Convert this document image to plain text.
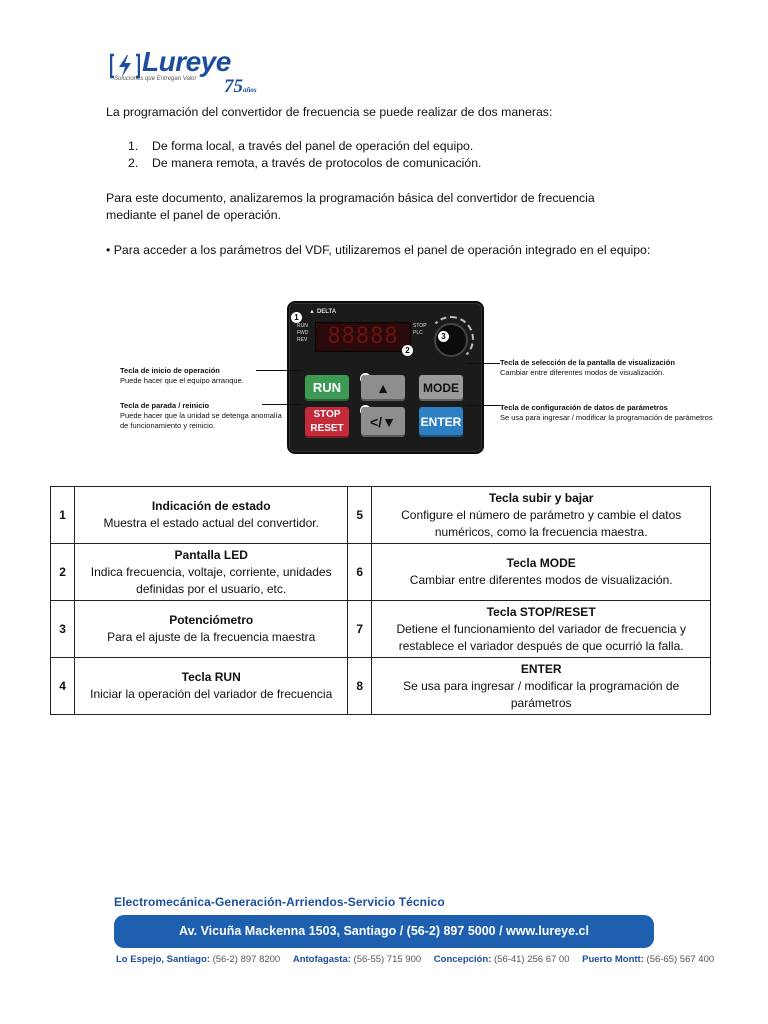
Lureye
Soluciones que Entregan Valor 75años
La programación del convertidor de frecuencia se puede realizar de dos maneras:
1. De forma local, a través del panel de operación del equipo.
2. De manera remota, a través de protocolos de comunicación.
Para este documento, analizaremos la programación básica del convertidor de frecuencia mediante el panel de operación.
• Para acceder a los parámetros del VDF, utilizaremos el panel de operación integrado en el equipo:
▲ DELTA
RUN
FWD
REV
STOP
PLC
88888
1
2
3
RUN
STOP
RESET
▲
</▼
MODE
ENTER
Tecla de inicio de operación
Puede hacer que el equipo arranque.
Tecla de parada / reinicio
Puede hacer que la unidad se detenga anomalía de funcionamiento y reinicio.
Tecla de selección de la pantalla de visualización
Cambiar entre diferentes modos de visualización.
Tecla de configuración de datos de parámetros
Se usa para ingresar / modificar la programación de parámetros
1	Indicación de estado
Muestra el estado actual del convertidor.	5	Tecla subir y bajar
Configure el número de parámetro y cambie el datos numéricos, como la frecuencia maestra.

2	Pantalla LED
Indica frecuencia, voltaje, corriente, unidades definidas por el usuario, etc.	6	Tecla MODE
Cambiar entre diferentes modos de visualización.

3	Potenciómetro
Para el ajuste de la frecuencia maestra	7	Tecla STOP/RESET
Detiene el funcionamiento del variador de frecuencia y restablece el variador después de que ocurrió la falla.

4	Tecla RUN
Iniciar la operación del variador de frecuencia	8	ENTER
Se usa para ingresar / modificar la programación de parámetros
Electromecánica-Generación-Arriendos-Servicio Técnico
Av. Vicuña Mackenna 1503, Santiago / (56-2) 897 5000 / www.lureye.cl
Lo Espejo, Santiago: (56-2) 897 8200 Antofagasta: (56-55) 715 900 Concepción: (56-41) 256 67 00 Puerto Montt: (56-65) 567 400
